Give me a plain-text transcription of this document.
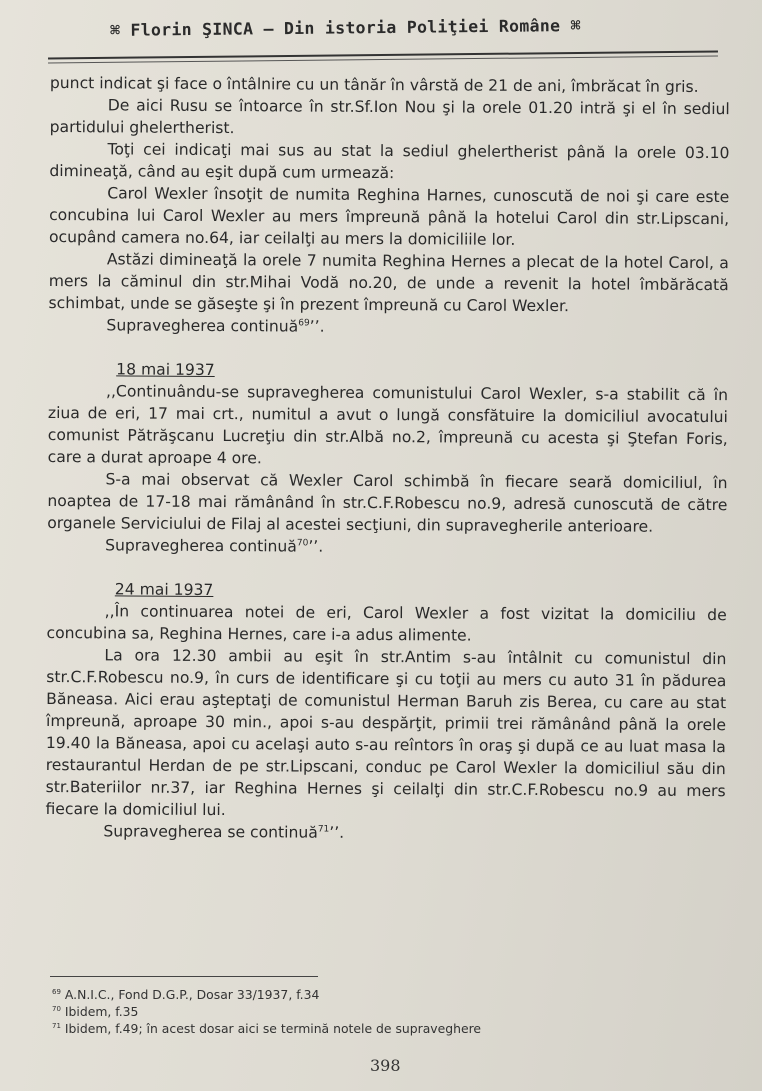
⌘ Florin ŞINCA – Din istoria Poliţiei Române ⌘

punct indicat şi face o întâlnire cu un tânăr în vârstă de 21 de ani, îmbrăcat în gris.

De aici Rusu se întoarce în str.Sf.Ion Nou şi la orele 01.20 intră şi el în sediul partidului ghelertherist.

Toţi cei indicaţi mai sus au stat la sediul ghelertherist până la orele 03.10 dimineaţă, când au eşit după cum urmează:

Carol Wexler însoţit de numita Reghina Harnes, cunoscută de noi şi care este concubina lui Carol Wexler au mers împreună până la hotelui Carol din str.Lipscani, ocupând camera no.64, iar ceilalţi au mers la domiciliile lor.

Astăzi dimineaţă la orele 7 numita Reghina Hernes a plecat de la hotel Carol, a mers la căminul din str.Mihai Vodă no.20, de unde a revenit la hotel îmbărăcată schimbat, unde se găseşte şi în prezent împreună cu Carol Wexler.

Supravegherea continuă$^{69}$’’.

18 mai 1937

,,Continuându-se supravegherea comunistului Carol Wexler, s-a stabilit că în ziua de eri, 17 mai crt., numitul a avut o lungă consfătuire la domiciliul avocatului comunist Pătrăşcanu Lucreţiu din str.Albă no.2, împreună cu acesta şi Ştefan Foris, care a durat aproape 4 ore.

S-a mai observat că Wexler Carol schimbă în fiecare seară domiciliul, în noaptea de 17-18 mai rămânând în str.C.F.Robescu no.9, adresă cunoscută de către organele Serviciului de Filaj al acestei secţiuni, din supravegherile anterioare.

Supravegherea continuă$^{70}$’’.

24 mai 1937

,,În continuarea notei de eri, Carol Wexler a fost vizitat la domiciliu de concubina sa, Reghina Hernes, care i-a adus alimente.

La ora 12.30 ambii au eşit în str.Antim s-au întâlnit cu comunistul din str.C.F.Robescu no.9, în curs de identificare şi cu toţii au mers cu auto 31 în pădurea Băneasa. Aici erau aşteptaţi de comunistul Herman Baruh zis Berea, cu care au stat împreună, aproape 30 min., apoi s-au despărţit, primii trei rămânând până la orele 19.40 la Băneasa, apoi cu acelaşi auto s-au reîntors în oraş şi după ce au luat masa la restaurantul Herdan de pe str.Lipscani, conduc pe Carol Wexler la domiciliul său din str.Bateriilor nr.37, iar Reghina Hernes şi ceilalţi din str.C.F.Robescu no.9 au mers fiecare la domiciliul lui.

Supravegherea se continuă$^{71}$’’.

$^{69}$ A.N.I.C., Fond D.G.P., Dosar 33/1937, f.34

$^{70}$ Ibidem, f.35

$^{71}$ Ibidem, f.49; în acest dosar aici se termină notele de supraveghere

398
